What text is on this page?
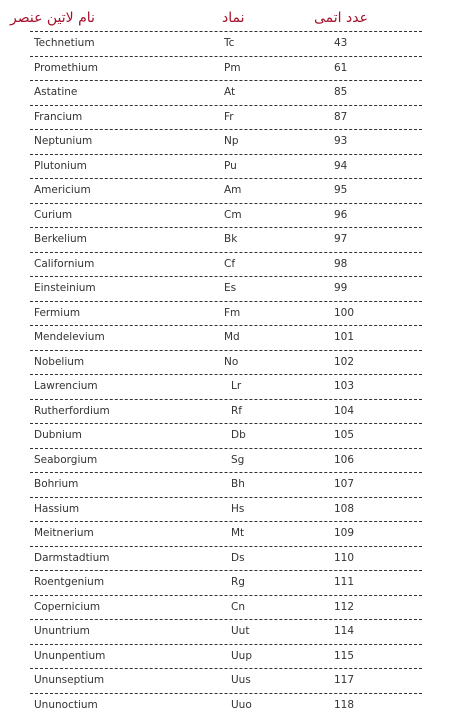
نام لاتین عنصر	نماد	عدد اتمی
Technetium	Tc	43
Promethium	Pm	61
Astatine	At	85
Francium	Fr	87
Neptunium	Np	93
Plutonium	Pu	94
Americium	Am	95
Curium	Cm	96
Berkelium	Bk	97
Californium	Cf	98
Einsteinium	Es	99
Fermium	Fm	100
Mendelevium	Md	101
Nobelium	No	102
Lawrencium	Lr	103
Rutherfordium	Rf	104
Dubnium	Db	105
Seaborgium	Sg	106
Bohrium	Bh	107
Hassium	Hs	108
Meitnerium	Mt	109
Darmstadtium	Ds	110
Roentgenium	Rg	111
Copernicium	Cn	112
Ununtrium	Uut	114
Ununpentium	Uup	115
Ununseptium	Uus	117
Ununoctium	Uuo	118
